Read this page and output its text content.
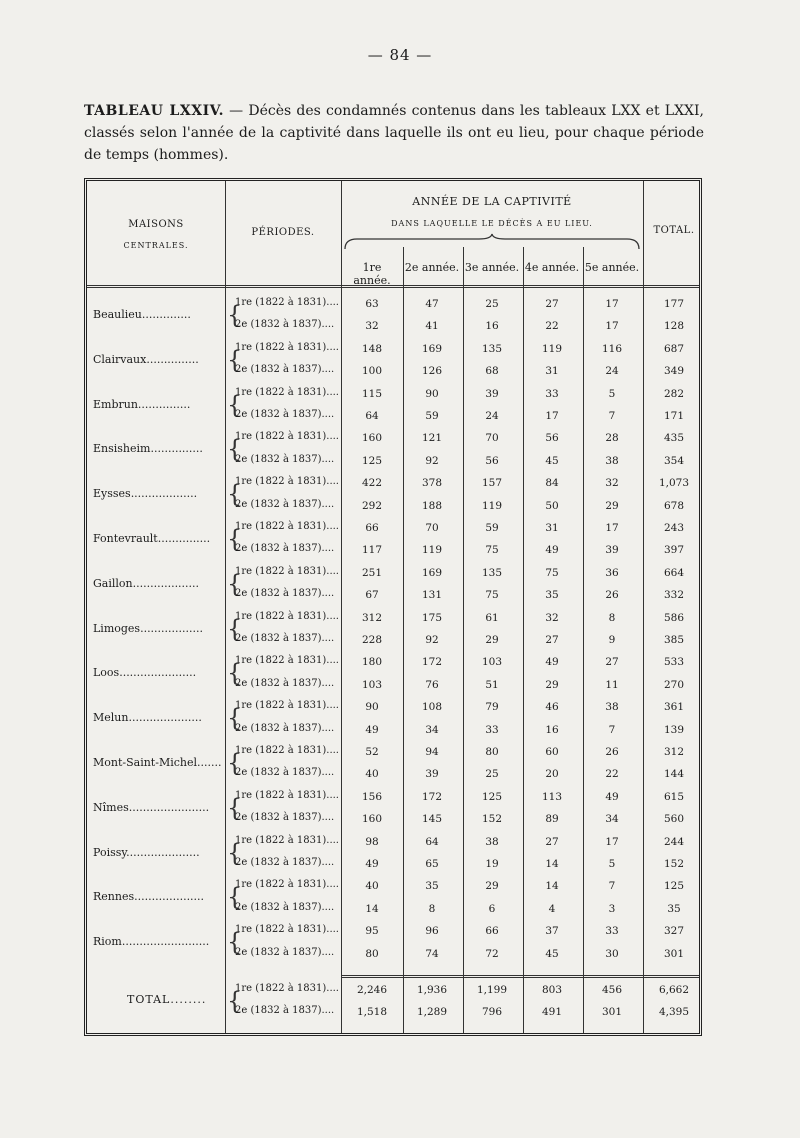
— 84 —
TABLEAU LXXIV. — Décès des condamnés contenus dans les tableaux LXX et LXXI, classés selon l'année de la captivité dans laquelle ils ont eu lieu, pour chaque période de temps (hommes).
MAISONS
CENTRALES.
PÉRIODES.
ANNÉE DE LA CAPTIVITÉ
DANS LAQUELLE LE DÉCÈS A EU LIEU.
TOTAL.
1re année.
2e année. 3e année. 4e année. 5e année.
Beaulieu.............. {
1re (1822 à 1831)....
2e (1832 à 1837)....
63	47	25	27	17	177
32	41	16	22	17	128
Clairvaux............... {
1re (1822 à 1831)....
2e (1832 à 1837)....
148	169	135	119	116	687
100	126	68	31	24	349
Embrun............... {
1re (1822 à 1831)....
2e (1832 à 1837)....
115	90	39	33	5	282
64	59	24	17	7	171
Ensisheim............... {
1re (1822 à 1831)....
2e (1832 à 1837)....
160	121	70	56	28	435
125	92	56	45	38	354
Eysses................... {
1re (1822 à 1831)....
2e (1832 à 1837)....
422	378	157	84	32	1,073
292	188	119	50	29	678
Fontevrault............... {
1re (1822 à 1831)....
2e (1832 à 1837)....
66	70	59	31	17	243
117	119	75	49	39	397
Gaillon................... {
1re (1822 à 1831)....
2e (1832 à 1837)....
251	169	135	75	36	664
67	131	75	35	26	332
Limoges.................. {
1re (1822 à 1831)....
2e (1832 à 1837)....
312	175	61	32	8	586
228	92	29	27	9	385
Loos...................... {
1re (1822 à 1831)....
2e (1832 à 1837)....
180	172	103	49	27	533
103	76	51	29	11	270
Melun..................... {
1re (1822 à 1831)....
2e (1832 à 1837)....
90	108	79	46	38	361
49	34	33	16	7	139
Mont-Saint-Michel....... {
1re (1822 à 1831)....
2e (1832 à 1837)....
52	94	80	60	26	312
40	39	25	20	22	144
Nîmes....................... {
1re (1822 à 1831)....
2e (1832 à 1837)....
156	172	125	113	49	615
160	145	152	89	34	560
Poissy..................... {
1re (1822 à 1831)....
2e (1832 à 1837)....
98	64	38	27	17	244
49	65	19	14	5	152
Rennes.................... {
1re (1822 à 1831)....
2e (1832 à 1837)....
40	35	29	14	7	125
14	8	6	4	3	35
Riom......................... {
1re (1822 à 1831)....
2e (1832 à 1837)....
95	96	66	37	33	327
80	74	72	45	30	301
TOTAL........ {
1re (1822 à 1831)....
2e (1832 à 1837)....
2,246	1,936	1,199	803	456	6,662
1,518	1,289	796	491	301	4,395
